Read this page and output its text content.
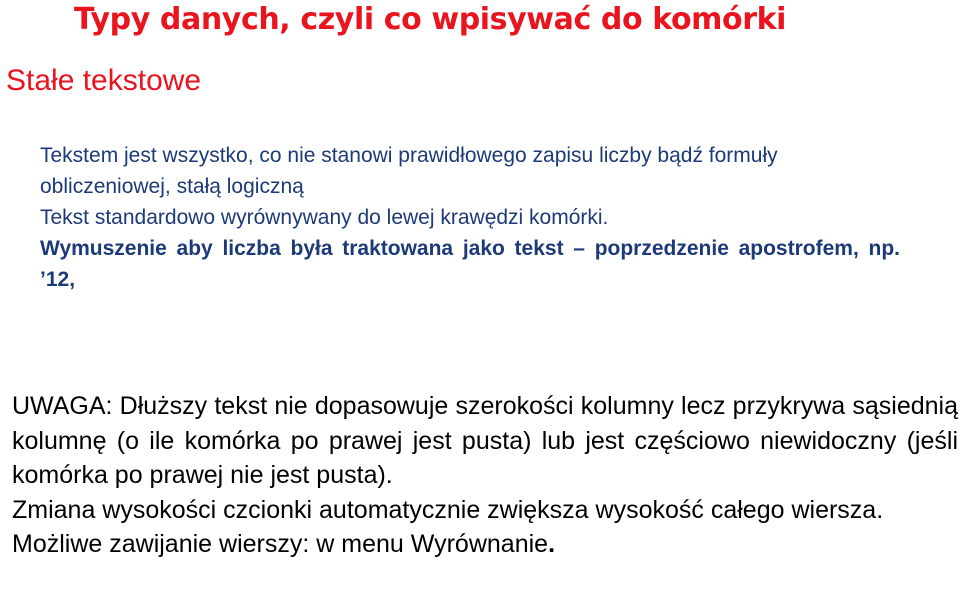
Typy danych, czyli co wpisywać do komórki
Stałe tekstowe
Tekstem jest wszystko, co nie stanowi prawidłowego zapisu liczby bądź formuły obliczeniowej, stałą logiczną
Tekst standardowo wyrównywany do lewej krawędzi komórki.
Wymuszenie aby liczba była traktowana jako tekst – poprzedzenie apostrofem, np. ’12,
UWAGA: Dłuższy tekst nie dopasowuje szerokości kolumny lecz przykrywa sąsiednią kolumnę (o ile komórka po prawej jest pusta) lub jest częściowo niewidoczny (jeśli komórka po prawej nie jest pusta).
Zmiana wysokości czcionki automatycznie zwiększa wysokość całego wiersza.
Możliwe zawijanie wierszy: w menu Wyrównanie.
